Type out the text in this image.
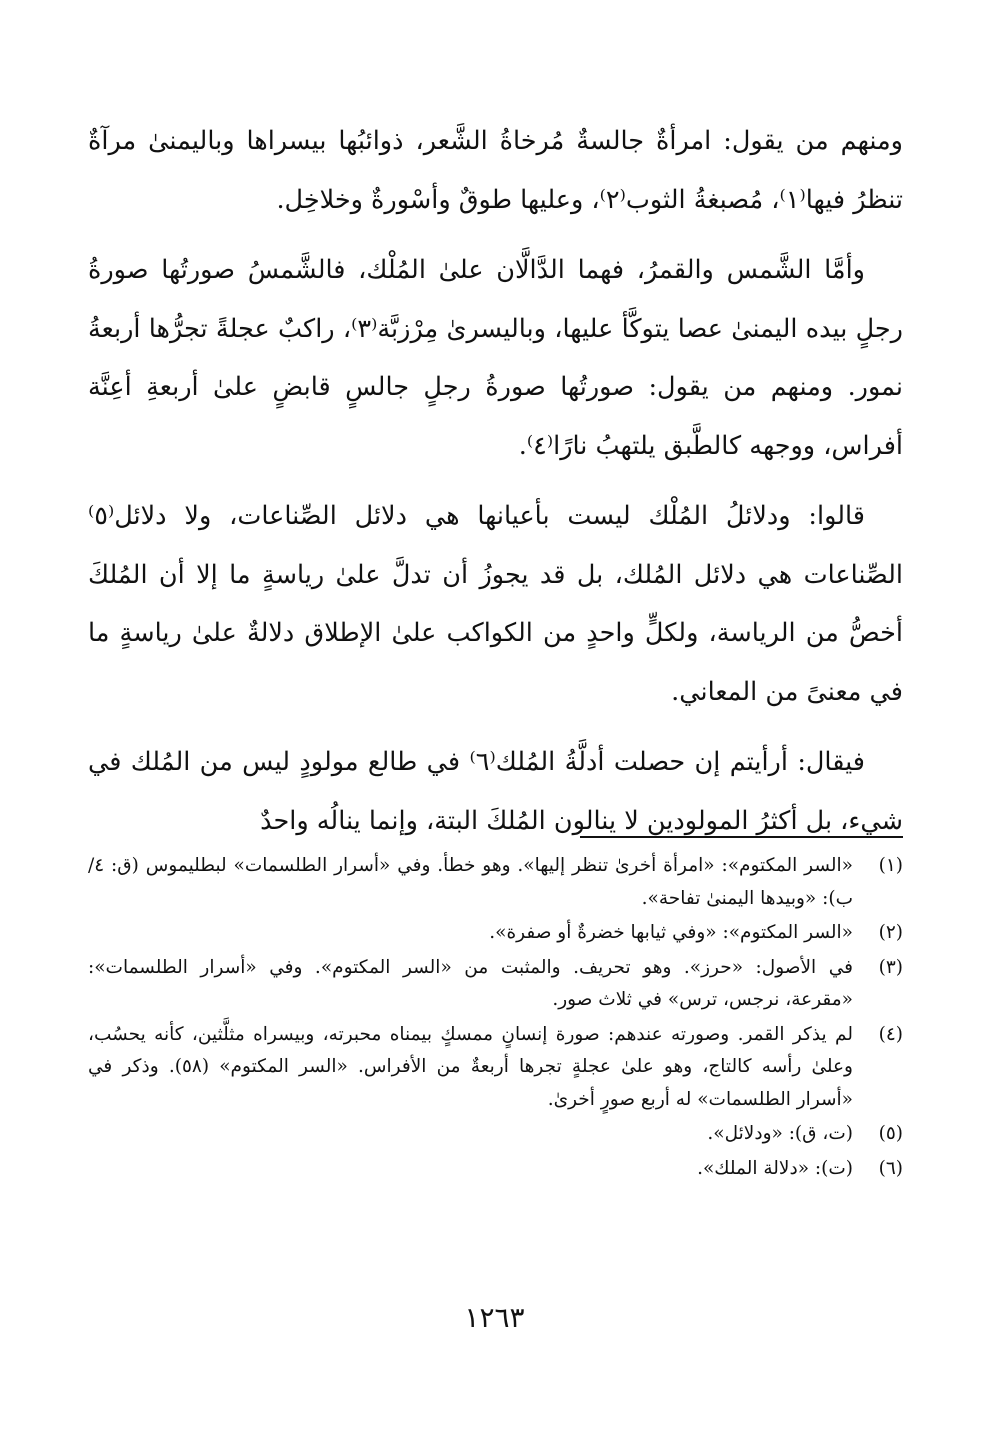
ومنهم من يقول: امرأةٌ جالسةٌ مُرخاةُ الشَّعر، ذوائبُها بيسراها وباليمنىٰ مرآةٌ تنظرُ فيها⁽١⁾، مُصبغةُ الثوب⁽٢⁾، وعليها طوقٌ وأسْورةٌ وخلاخِل.

وأمَّا الشَّمس والقمرُ، فهما الدَّالَّان علىٰ المُلْك، فالشَّمسُ صورتُها صورةُ رجلٍ بيده اليمنىٰ عصا يتوكَّأ عليها، وباليسرىٰ مِرْزبَّة⁽٣⁾، راكبٌ عجلةً تجرُّها أربعةُ نمور. ومنهم من يقول: صورتُها صورةُ رجلٍ جالسٍ قابضٍ علىٰ أربعةِ أعِنَّة أفراس، ووجهه كالطَّبق يلتهبُ نارًا⁽٤⁾.

قالوا: ودلائلُ المُلْك ليست بأعيانها هي دلائل الصِّناعات، ولا دلائل⁽٥⁾ الصِّناعات هي دلائل المُلك، بل قد يجوزُ أن تدلَّ علىٰ رياسةٍ ما إلا أن المُلكَ أخصُّ من الرياسة، ولكلٍّ واحدٍ من الكواكب علىٰ الإطلاق دلالةٌ علىٰ رياسةٍ ما في معنىً من المعاني.

فيقال: أرأيتم إن حصلت أدلَّةُ المُلك⁽٦⁾ في طالع مولودٍ ليس من المُلك في شيء، بل أكثرُ المولودين لا ينالون المُلكَ البتة، وإنما ينالُه واحدٌ

(١)
«السر المكتوم»: «امرأة أخرىٰ تنظر إليها». وهو خطأ. وفي «أسرار الطلسمات» لبطليموس (ق: ٤/ب): «وبيدها اليمنىٰ تفاحة».
(٢)
«السر المكتوم»: «وفي ثيابها خضرةٌ أو صفرة».
(٣)
في الأصول: «حرز». وهو تحريف. والمثبت من «السر المكتوم». وفي «أسرار الطلسمات»: «مقرعة، نرجس، ترس» في ثلاث صور.
(٤)
لم يذكر القمر. وصورته عندهم: صورة إنسانٍ ممسكٍ بيمناه محبرته، وبيسراه مثلَّثين، كأنه يحسُب، وعلىٰ رأسه كالتاج، وهو علىٰ عجلةٍ تجرها أربعةٌ من الأفراس. «السر المكتوم» (٥٨). وذكر في «أسرار الطلسمات» له أربع صورٍ أخرىٰ.
(٥)
(ت، ق): «ودلائل».
(٦)
(ت): «دلالة الملك».
١٢٦٣
